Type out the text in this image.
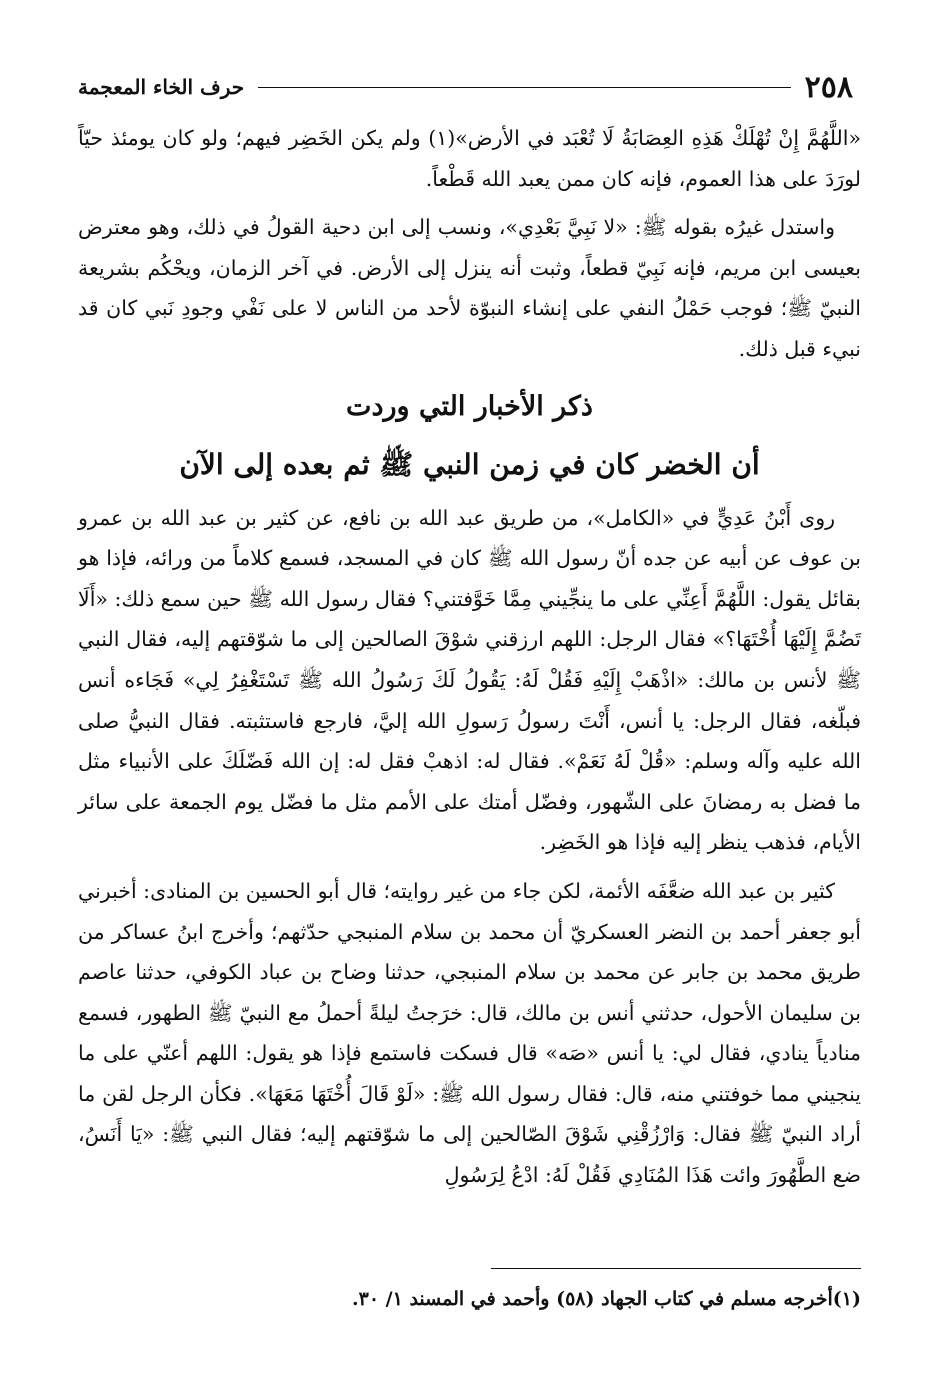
٢٥٨
حرف الخاء المعجمة

«اللَّهُمَّ إِنْ تُهْلَكْ هَذِهِ العِصَابَةُ لَا تُعْبَد في الأرض»(١) ولم يكن الخَضِر فيهم؛ ولو كان يومئذ حيّاً لورَدَ على هذا العموم، فإنه كان ممن يعبد الله قَطْعاً.

واستدل غيرُه بقوله ﷺ: «لا نَبِيَّ بَعْدِي»، ونسب إلى ابن دحية القولُ في ذلك، وهو معترض بعيسى ابن مريم، فإنه نَبِيّ قطعاً، وثبت أنه ينزل إلى الأرض. في آخر الزمان، ويحْكُم بشريعة النبيّ ﷺ؛ فوجب حَمْلُ النفي على إنشاء النبوّة لأحد من الناس لا على نَفْي وجودِ نَبي كان قد نبيء قبل ذلك.

ذكر الأخبار التي وردت
أن الخضر كان في زمن النبي ﷺ ثم بعده إلى الآن

روى أَبْنُ عَدِيٍّ في «الكامل»، من طريق عبد الله بن نافع، عن كثير بن عبد الله بن عمرو بن عوف عن أبيه عن جده أنّ رسول الله ﷺ كان في المسجد، فسمع كلاماً من ورائه، فإذا هو بقائل يقول: اللَّهُمَّ أَعِنِّي على ما ينجِّيني مِمَّا خَوَّفتني؟ فقال رسول الله ﷺ حين سمع ذلك: «أَلَا تَضُمَّ إِلَيْهَا أُخْتَهَا؟» فقال الرجل: اللهم ارزقني شوْقَ الصالحين إلى ما شوّقتهم إليه، فقال النبي ﷺ لأنس بن مالك: «اذْهَبْ إِلَيْهِ فَقُلْ لَهُ: يَقُولُ لَكَ رَسُولُ الله ﷺ تَسْتَغْفِرُ لِي» فَجَاءه أنس فبلّغه، فقال الرجل: يا أنس، أَنْتَ رسولُ رَسولِ الله إليَّ، فارجع فاستثبته. فقال النبيُّ صلى الله عليه وآله وسلم: «قُلْ لَهُ نَعَمْ». فقال له: اذهبْ فقل له: إن الله فَضّلَكَ على الأنبياء مثل ما فضل به رمضانَ على الشّهور، وفضّل أمتك على الأمم مثل ما فضّل يوم الجمعة على سائر الأيام، فذهب ينظر إليه فإذا هو الخَضِر.

كثير بن عبد الله ضعَّفَه الأئمة، لكن جاء من غير روايته؛ قال أبو الحسين بن المنادى: أخبرني أبو جعفر أحمد بن النضر العسكريّ أن محمد بن سلام المنبجي حدّثهم؛ وأخرج ابنُ عساكر من طريق محمد بن جابر عن محمد بن سلام المنبجي، حدثنا وضاح بن عباد الكوفي، حدثنا عاصم بن سليمان الأحول، حدثني أنس بن مالك، قال: خرَجتُ ليلةً أحملُ مع النبيّ ﷺ الطهور، فسمع منادياً ينادي، فقال لي: يا أنس «صَه» قال فسكت فاستمع فإذا هو يقول: اللهم أعنّي على ما ينجيني مما خوفتني منه، قال: فقال رسول الله ﷺ: «لَوْ قَالَ أُخْتَهَا مَعَهَا». فكأن الرجل لقن ما أراد النبيّ ﷺ فقال: وَارْزُقْنِي شَوْقَ الصّالحين إلى ما شوّقتهم إليه؛ فقال النبي ﷺ: «يَا أَنَسُ، ضع الطَّهُورَ وائت هَذَا المُنَادِي فَقُلْ لَهُ: ادْعُ لِرَسُولِ

(١)أخرجه مسلم في كتاب الجهاد (٥٨) وأحمد في المسند ١/ ٣٠.
